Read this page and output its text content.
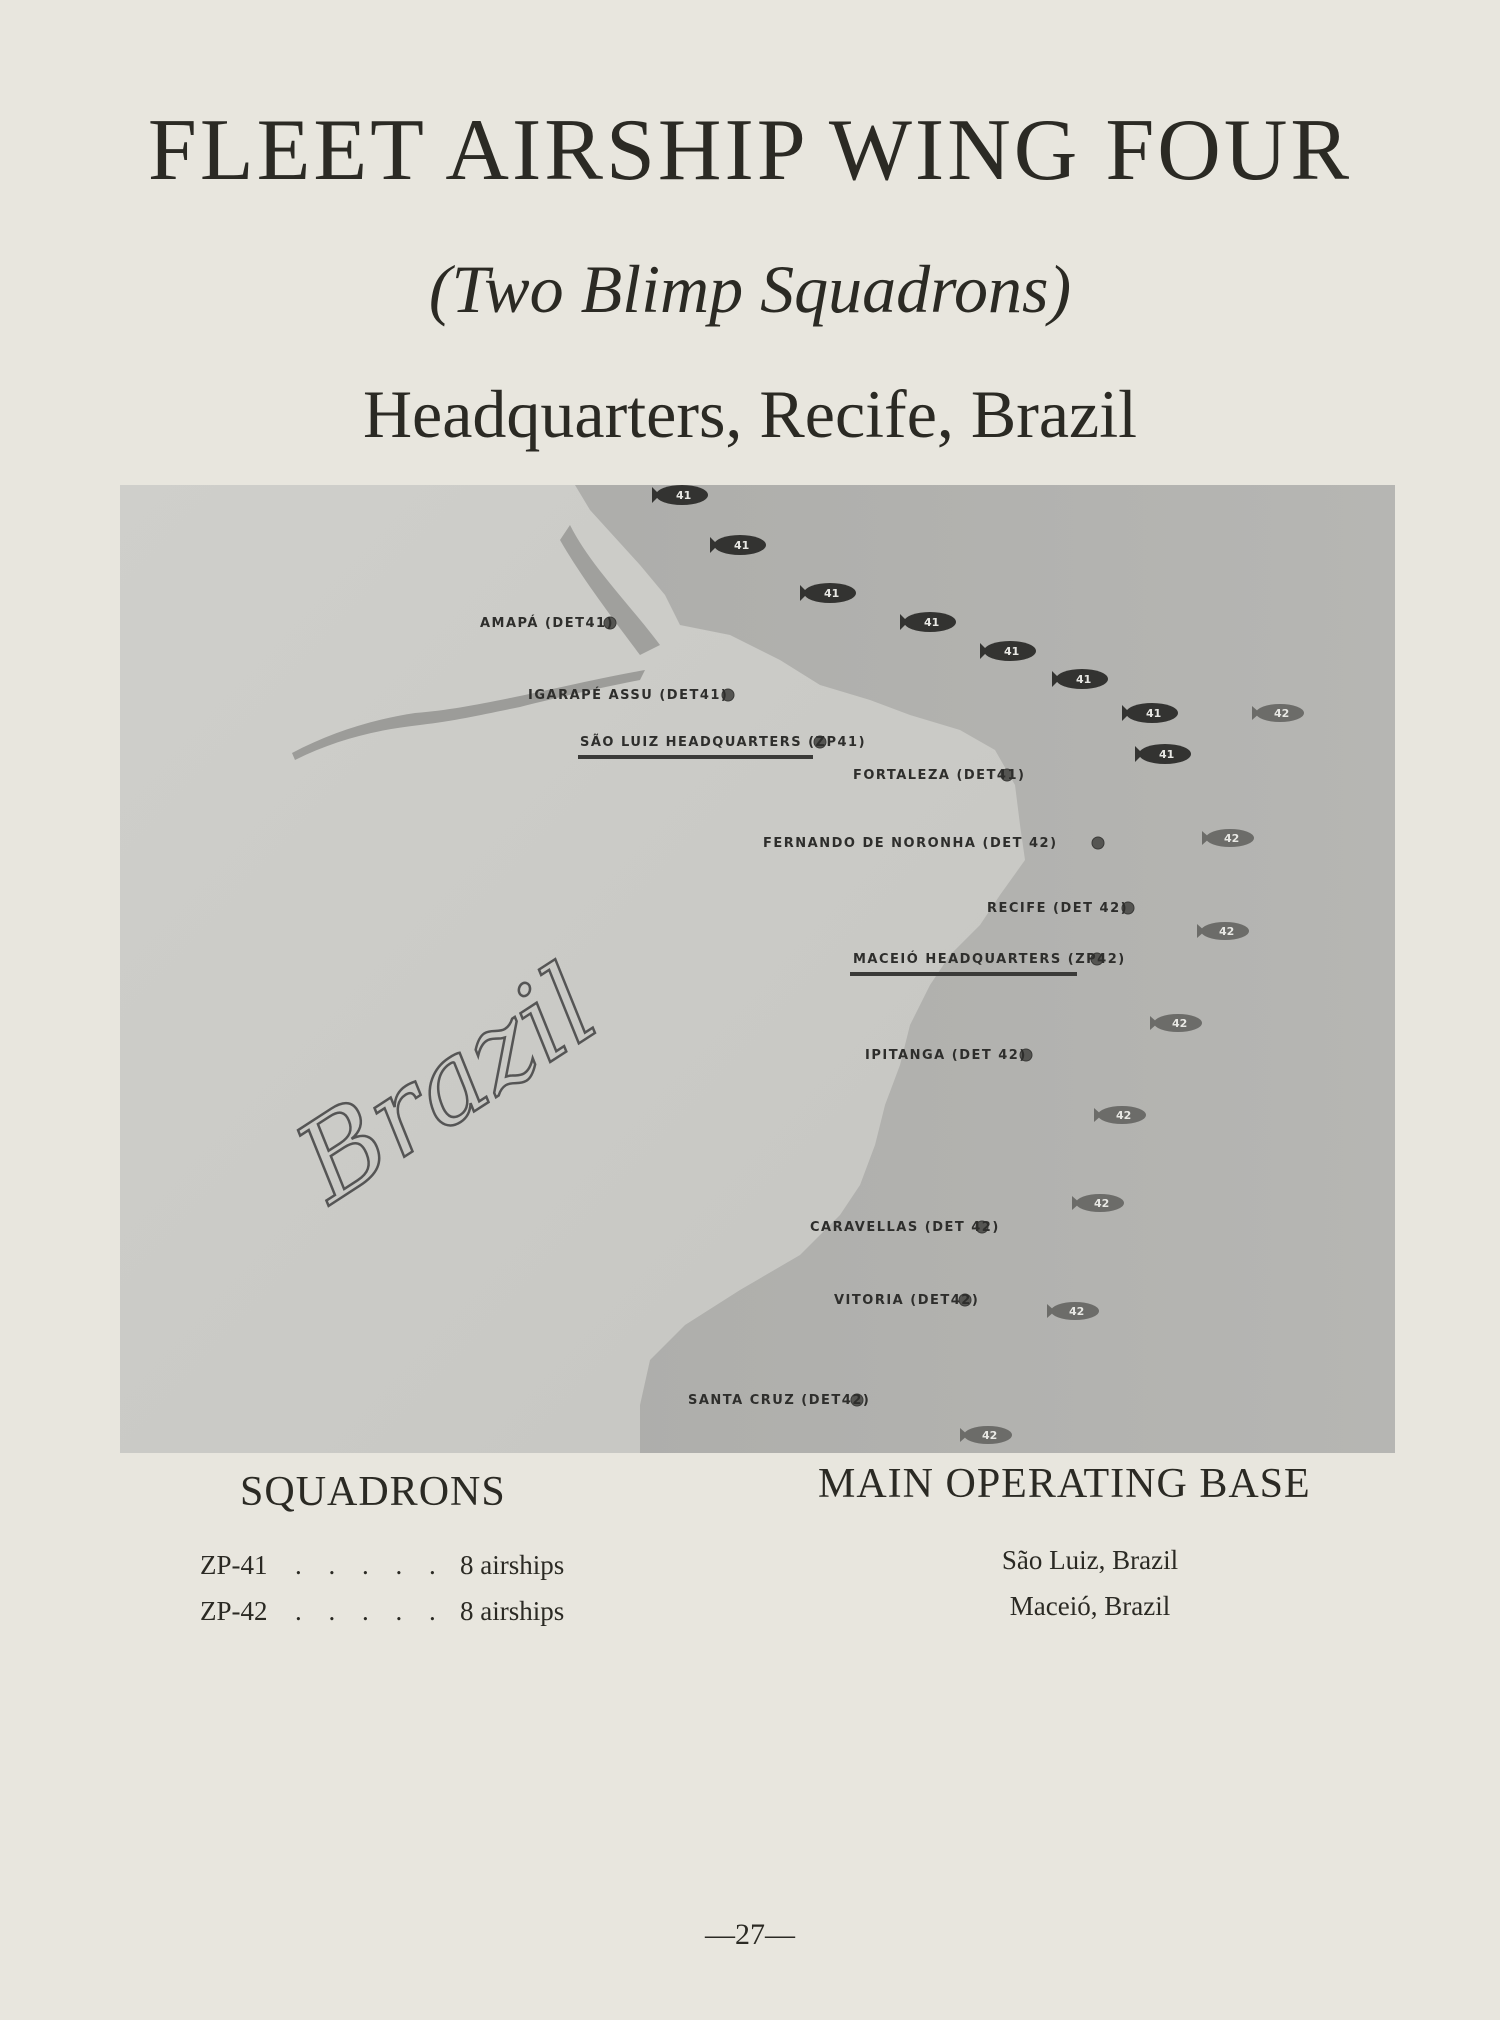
FLEET AIRSHIP WING FOUR
(Two Blimp Squadrons)
Headquarters, Recife, Brazil
AMAPÁ (DET41)
IGARAPÉ ASSU (DET41)
SÃO LUIZ HEADQUARTERS (ZP41)
FORTALEZA (DET41)
FERNANDO DE NORONHA (DET 42)
RECIFE (DET 42)
MACEIÓ HEADQUARTERS (ZP42)
IPITANGA (DET 42)
CARAVELLAS (DET 42)
VITORIA (DET42)
SANTA CRUZ (DET42)
Brazil
41
41
41
41
41
41
41
41
42
42
42
42
42
42
42
42
SQUADRONS	MAIN OPERATING BASE
ZP-41	. . . . . 8 airships
ZP-42	. . . . . 8 airships
São Luiz, Brazil
Maceió, Brazil
—27—
